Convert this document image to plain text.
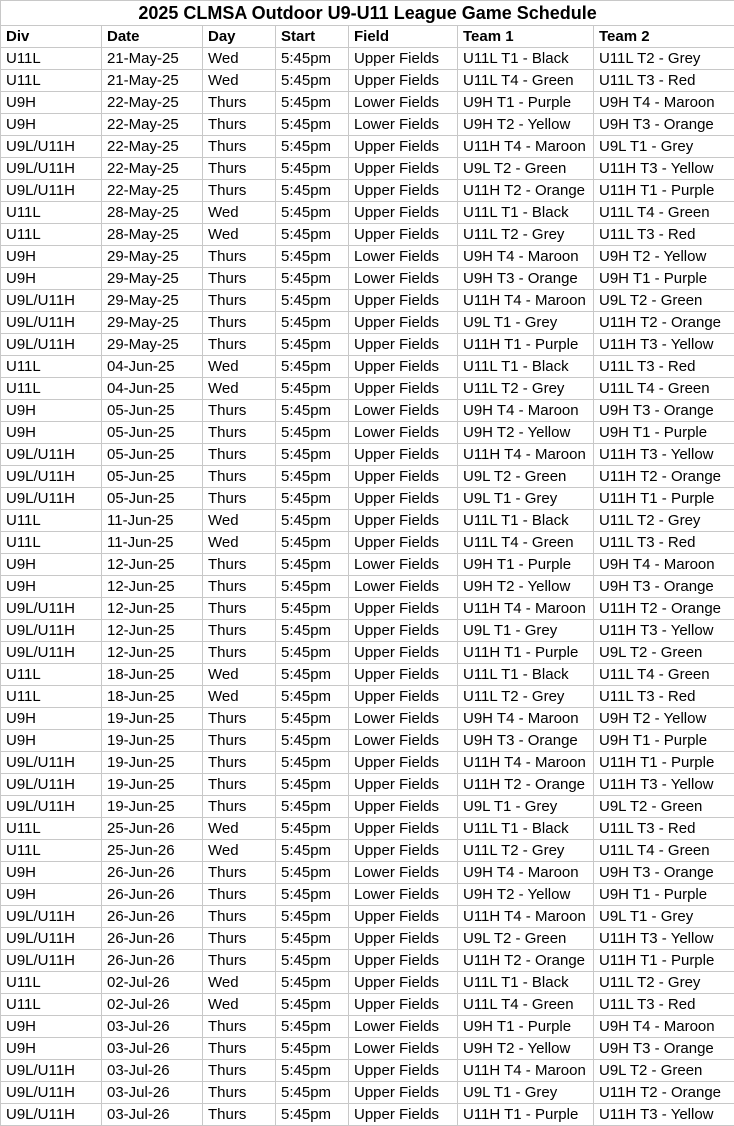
2025 CLMSA Outdoor U9-U11 League Game Schedule						
Div	Date	Day	Start	Field	Team 1	Team 2
U11L	21-May-25	Wed	5:45pm	Upper Fields	U11L T1 - Black	U11L T2 - Grey
U11L	21-May-25	Wed	5:45pm	Upper Fields	U11L T4 - Green	U11L T3 - Red
U9H	22-May-25	Thurs	5:45pm	Lower Fields	U9H T1 - Purple	U9H T4 - Maroon
U9H	22-May-25	Thurs	5:45pm	Lower Fields	U9H T2 - Yellow	U9H T3 - Orange
U9L/U11H	22-May-25	Thurs	5:45pm	Upper Fields	U11H T4 - Maroon	U9L T1 - Grey
U9L/U11H	22-May-25	Thurs	5:45pm	Upper Fields	U9L T2 - Green	U11H T3 - Yellow
U9L/U11H	22-May-25	Thurs	5:45pm	Upper Fields	U11H T2 - Orange	U11H T1 - Purple
U11L	28-May-25	Wed	5:45pm	Upper Fields	U11L T1 - Black	U11L T4 - Green
U11L	28-May-25	Wed	5:45pm	Upper Fields	U11L T2 - Grey	U11L T3 - Red
U9H	29-May-25	Thurs	5:45pm	Lower Fields	U9H T4 - Maroon	U9H T2 - Yellow
U9H	29-May-25	Thurs	5:45pm	Lower Fields	U9H T3 - Orange	U9H T1 - Purple
U9L/U11H	29-May-25	Thurs	5:45pm	Upper Fields	U11H T4 - Maroon	U9L T2 - Green
U9L/U11H	29-May-25	Thurs	5:45pm	Upper Fields	U9L T1 - Grey	U11H T2 - Orange
U9L/U11H	29-May-25	Thurs	5:45pm	Upper Fields	U11H T1 - Purple	U11H T3 - Yellow
U11L	04-Jun-25	Wed	5:45pm	Upper Fields	U11L T1 - Black	U11L T3 - Red
U11L	04-Jun-25	Wed	5:45pm	Upper Fields	U11L T2 - Grey	U11L T4 - Green
U9H	05-Jun-25	Thurs	5:45pm	Lower Fields	U9H T4 - Maroon	U9H T3 - Orange
U9H	05-Jun-25	Thurs	5:45pm	Lower Fields	U9H T2 - Yellow	U9H T1 - Purple
U9L/U11H	05-Jun-25	Thurs	5:45pm	Upper Fields	U11H T4 - Maroon	U11H T3 - Yellow
U9L/U11H	05-Jun-25	Thurs	5:45pm	Upper Fields	U9L T2 - Green	U11H T2 - Orange
U9L/U11H	05-Jun-25	Thurs	5:45pm	Upper Fields	U9L T1 - Grey	U11H T1 - Purple
U11L	11-Jun-25	Wed	5:45pm	Upper Fields	U11L T1 - Black	U11L T2 - Grey
U11L	11-Jun-25	Wed	5:45pm	Upper Fields	U11L T4 - Green	U11L T3 - Red
U9H	12-Jun-25	Thurs	5:45pm	Lower Fields	U9H T1 - Purple	U9H T4 - Maroon
U9H	12-Jun-25	Thurs	5:45pm	Lower Fields	U9H T2 - Yellow	U9H T3 - Orange
U9L/U11H	12-Jun-25	Thurs	5:45pm	Upper Fields	U11H T4 - Maroon	U11H T2 - Orange
U9L/U11H	12-Jun-25	Thurs	5:45pm	Upper Fields	U9L T1 - Grey	U11H T3 - Yellow
U9L/U11H	12-Jun-25	Thurs	5:45pm	Upper Fields	U11H T1 - Purple	U9L T2 - Green
U11L	18-Jun-25	Wed	5:45pm	Upper Fields	U11L T1 - Black	U11L T4 - Green
U11L	18-Jun-25	Wed	5:45pm	Upper Fields	U11L T2 - Grey	U11L T3 - Red
U9H	19-Jun-25	Thurs	5:45pm	Lower Fields	U9H T4 - Maroon	U9H T2 - Yellow
U9H	19-Jun-25	Thurs	5:45pm	Lower Fields	U9H T3 - Orange	U9H T1 - Purple
U9L/U11H	19-Jun-25	Thurs	5:45pm	Upper Fields	U11H T4 - Maroon	U11H T1 - Purple
U9L/U11H	19-Jun-25	Thurs	5:45pm	Upper Fields	U11H T2 - Orange	U11H T3 - Yellow
U9L/U11H	19-Jun-25	Thurs	5:45pm	Upper Fields	U9L T1 - Grey	U9L T2 - Green
U11L	25-Jun-26	Wed	5:45pm	Upper Fields	U11L T1 - Black	U11L T3 - Red
U11L	25-Jun-26	Wed	5:45pm	Upper Fields	U11L T2 - Grey	U11L T4 - Green
U9H	26-Jun-26	Thurs	5:45pm	Lower Fields	U9H T4 - Maroon	U9H T3 - Orange
U9H	26-Jun-26	Thurs	5:45pm	Lower Fields	U9H T2 - Yellow	U9H T1 - Purple
U9L/U11H	26-Jun-26	Thurs	5:45pm	Upper Fields	U11H T4 - Maroon	U9L T1 - Grey
U9L/U11H	26-Jun-26	Thurs	5:45pm	Upper Fields	U9L T2 - Green	U11H T3 - Yellow
U9L/U11H	26-Jun-26	Thurs	5:45pm	Upper Fields	U11H T2 - Orange	U11H T1 - Purple
U11L	02-Jul-26	Wed	5:45pm	Upper Fields	U11L T1 - Black	U11L T2 - Grey
U11L	02-Jul-26	Wed	5:45pm	Upper Fields	U11L T4 - Green	U11L T3 - Red
U9H	03-Jul-26	Thurs	5:45pm	Lower Fields	U9H T1 - Purple	U9H T4 - Maroon
U9H	03-Jul-26	Thurs	5:45pm	Lower Fields	U9H T2 - Yellow	U9H T3 - Orange
U9L/U11H	03-Jul-26	Thurs	5:45pm	Upper Fields	U11H T4 - Maroon	U9L T2 - Green
U9L/U11H	03-Jul-26	Thurs	5:45pm	Upper Fields	U9L T1 - Grey	U11H T2 - Orange
U9L/U11H	03-Jul-26	Thurs	5:45pm	Upper Fields	U11H T1 - Purple	U11H T3 - Yellow
